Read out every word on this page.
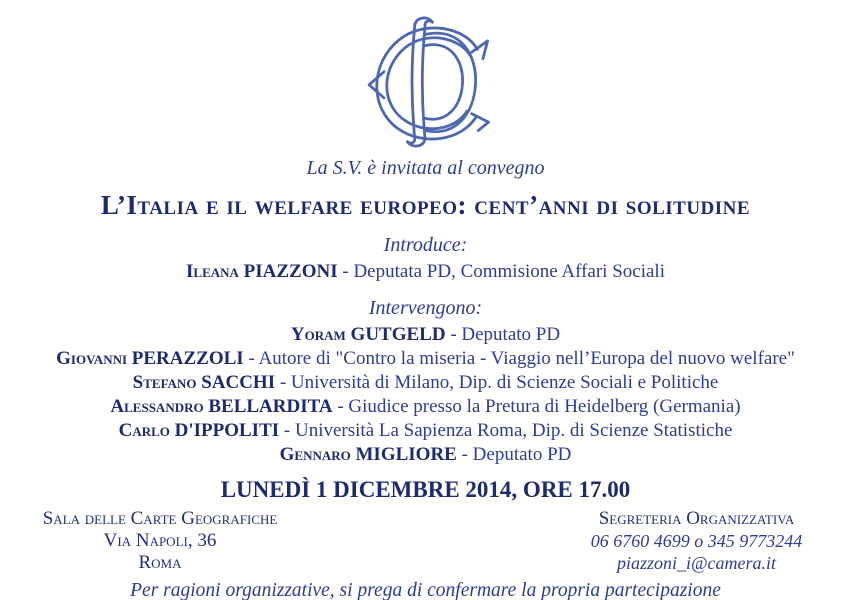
La S.V. è invitata al convegno
L’Italia e il welfare europeo: cent’anni di solitudine
Introduce:
Ileana PIAZZONI - Deputata PD, Commisione Affari Sociali
Intervengono:
Yoram GUTGELD - Deputato PD
Giovanni PERAZZOLI - Autore di "Contro la miseria - Viaggio nell’Europa del nuovo welfare"
Stefano SACCHI - Università di Milano, Dip. di Scienze Sociali e Politiche
Alessandro BELLARDITA - Giudice presso la Pretura di Heidelberg (Germania)
Carlo D'IPPOLITI - Università La Sapienza Roma, Dip. di Scienze Statistiche
Gennaro MIGLIORE - Deputato PD
LUNEDÌ 1 DICEMBRE 2014, ORE 17.00
Sala delle Carte Geografiche
Via Napoli, 36
Roma
Segreteria Organizzativa
06 6760 4699 o 345 9773244
piazzoni_i@camera.it
Per ragioni organizzative, si prega di confermare la propria partecipazione
